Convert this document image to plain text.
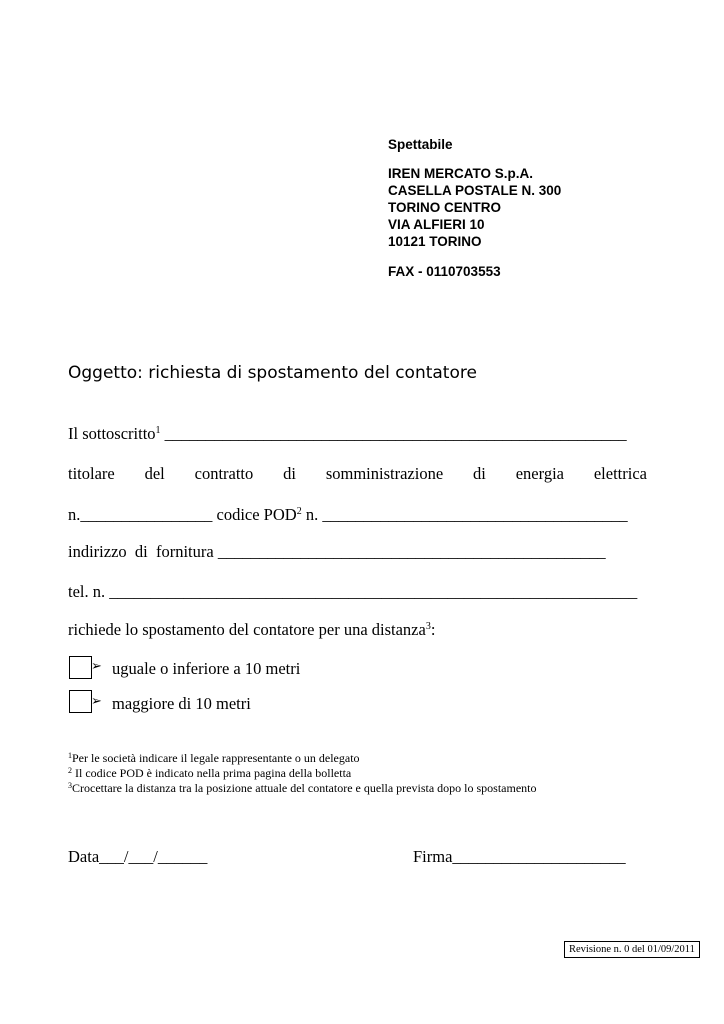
Spettabile
IREN MERCATO S.p.A.
CASELLA POSTALE N. 300
TORINO CENTRO
VIA ALFIERI 10
10121 TORINO
FAX - 0110703553
Oggetto: richiesta di spostamento del contatore
Il sottoscritto$^1$ ________________________________________________________
titolare del contratto di somministrazione di energia elettrica
n.________________ codice POD$^2$ n. _____________________________________
indirizzo  di  fornitura _______________________________________________
tel. n. ________________________________________________________________
richiede lo spostamento del contatore per una distanza$^3$:
➢ uguale o inferiore a 10 metri
➢ maggiore di 10 metri
$^1$Per le società indicare il legale rappresentante o un delegato
$^2$ Il codice POD è indicato nella prima pagina della bolletta
$^3$Crocettare la distanza tra la posizione attuale del contatore e quella prevista dopo lo spostamento
Data___/___/______	Firma_____________________
Revisione n. 0 del 01/09/2011
